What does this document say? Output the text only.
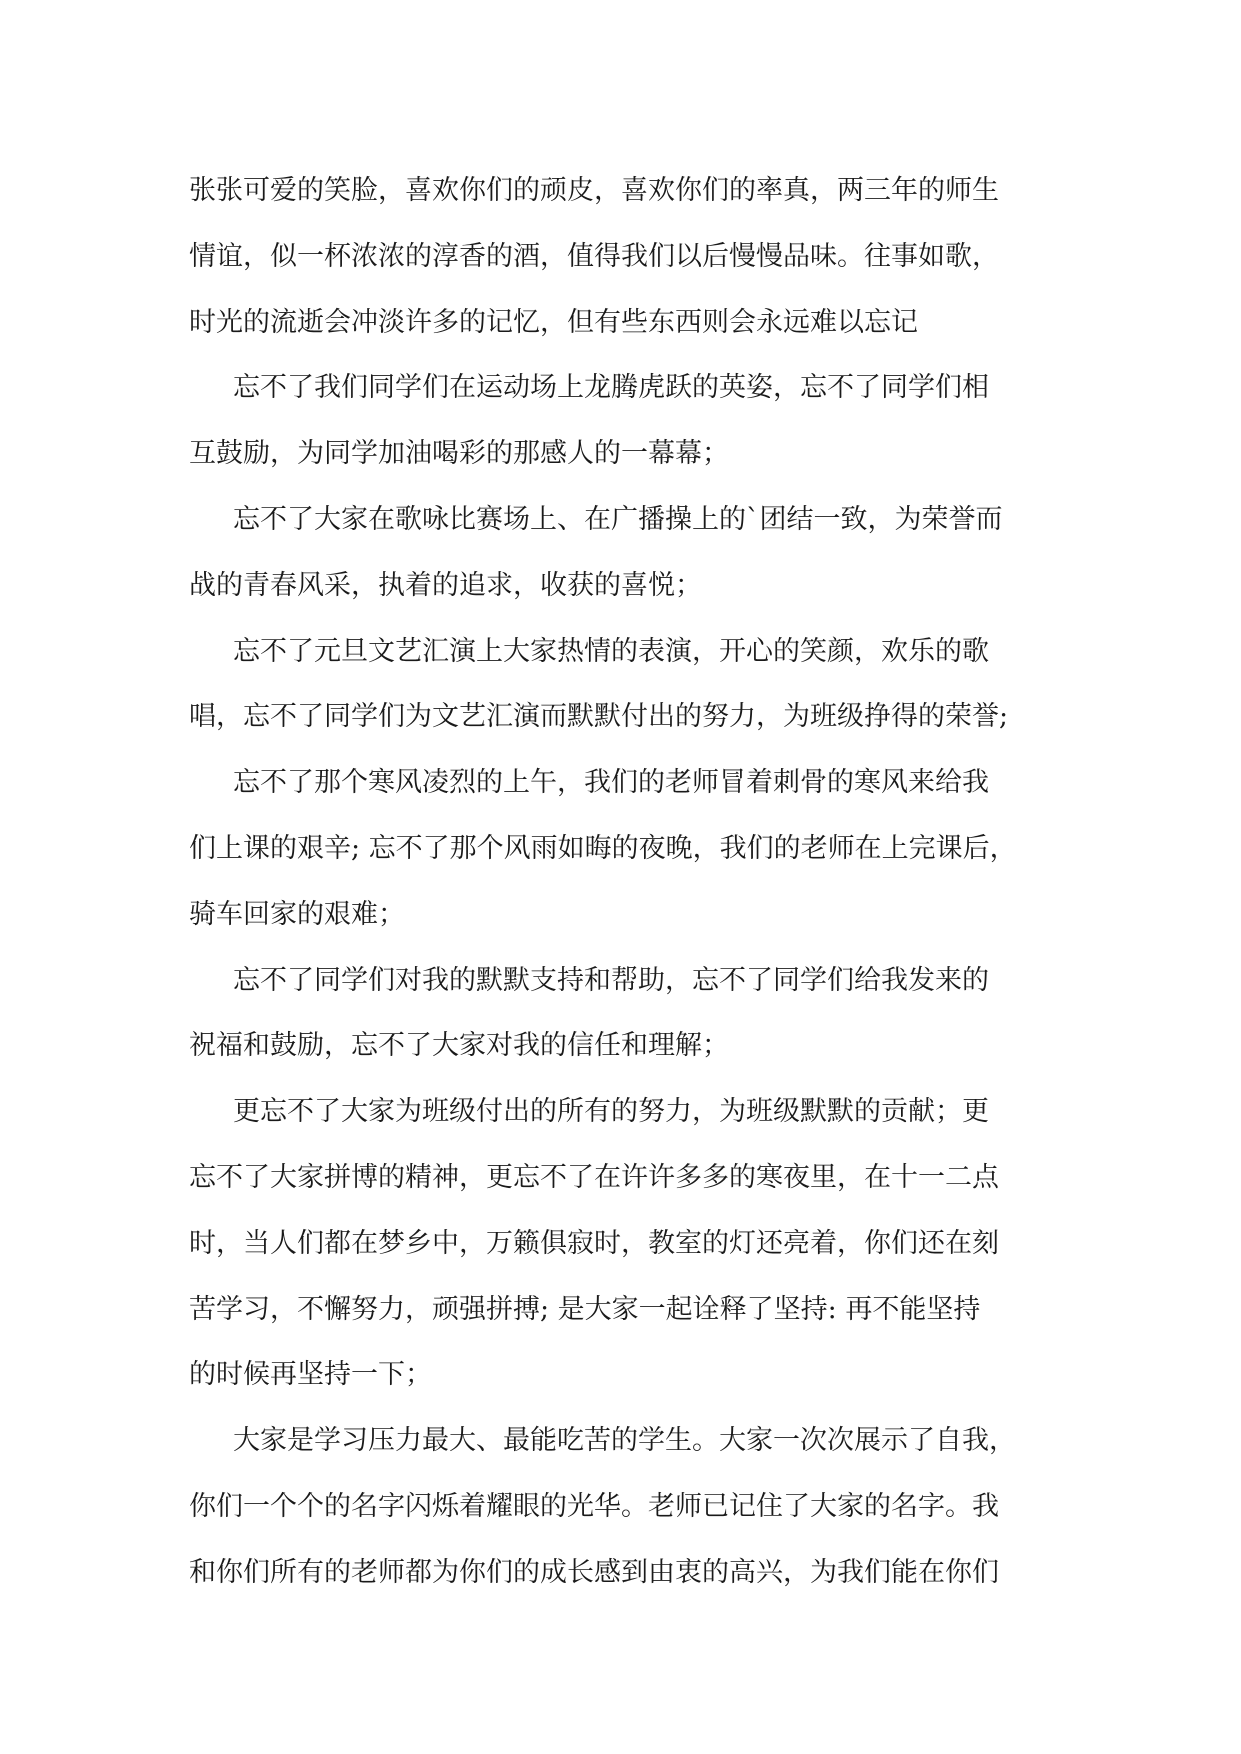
张张可爱的笑脸，喜欢你们的顽皮，喜欢你们的率真，两三年的师生
情谊，似一杯浓浓的淳香的酒，值得我们以后慢慢品味。往事如歌，
时光的流逝会冲淡许多的记忆，但有些东西则会永远难以忘记
忘不了我们同学们在运动场上龙腾虎跃的英姿，忘不了同学们相
互鼓励，为同学加油喝彩的那感人的一幕幕；
忘不了大家在歌咏比赛场上、在广播操上的`团结一致，为荣誉而
战的青春风采，执着的追求，收获的喜悦；
忘不了元旦文艺汇演上大家热情的表演，开心的笑颜，欢乐的歌
唱，忘不了同学们为文艺汇演而默默付出的努力，为班级挣得的荣誉;
忘不了那个寒风凌烈的上午，我们的老师冒着刺骨的寒风来给我
们上课的艰辛; 忘不了那个风雨如晦的夜晚，我们的老师在上完课后，
骑车回家的艰难；
忘不了同学们对我的默默支持和帮助，忘不了同学们给我发来的
祝福和鼓励，忘不了大家对我的信任和理解；
更忘不了大家为班级付出的所有的努力，为班级默默的贡献；更
忘不了大家拼博的精神，更忘不了在许许多多的寒夜里，在十一二点
时，当人们都在梦乡中，万籁俱寂时，教室的灯还亮着，你们还在刻
苦学习，不懈努力，顽强拼搏; 是大家一起诠释了坚持: 再不能坚持
的时候再坚持一下；
大家是学习压力最大、最能吃苦的学生。大家一次次展示了自我，
你们一个个的名字闪烁着耀眼的光华。老师已记住了大家的名字。我
和你们所有的老师都为你们的成长感到由衷的高兴，为我们能在你们
